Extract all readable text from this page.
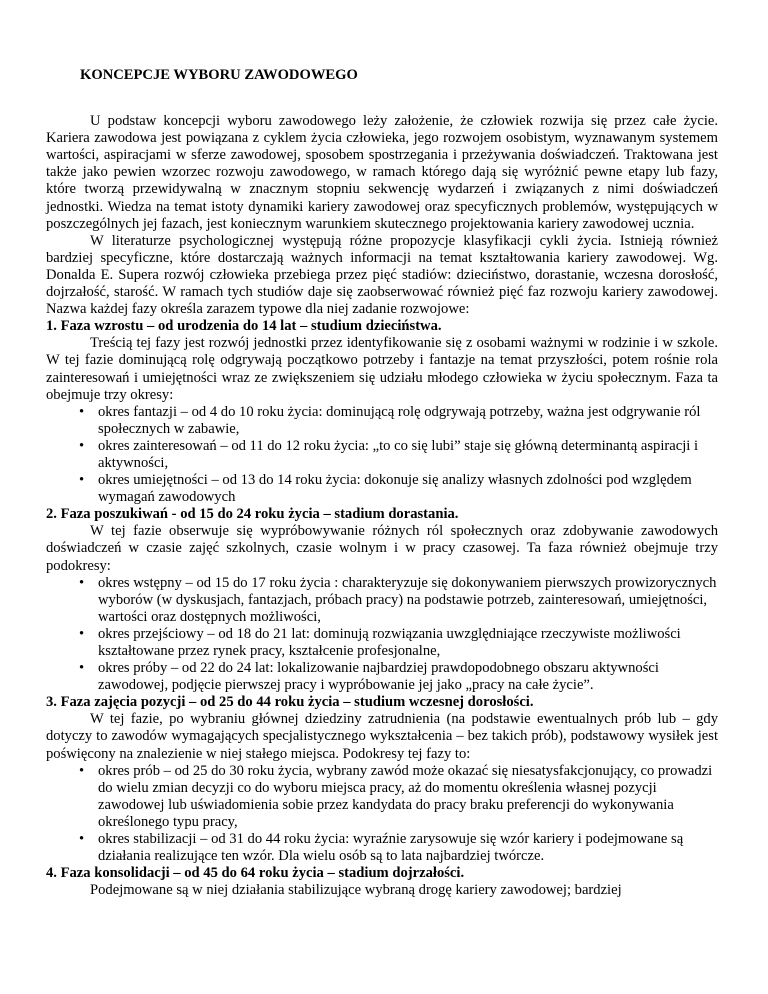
KONCEPCJE WYBORU ZAWODOWEGO

U podstaw koncepcji wyboru zawodowego leży założenie, że człowiek rozwija się przez całe życie. Kariera zawodowa jest powiązana z cyklem życia człowieka, jego rozwojem osobistym, wyznawanym systemem wartości, aspiracjami w sferze zawodowej, sposobem spostrzegania i przeżywania doświadczeń. Traktowana jest także jako pewien wzorzec rozwoju zawodowego, w ramach którego dają się wyróżnić pewne etapy lub fazy, które tworzą przewidywalną w znacznym stopniu sekwencję wydarzeń i związanych z nimi doświadczeń jednostki. Wiedza na temat istoty dynamiki kariery zawodowej oraz specyficznych problemów, występujących w poszczególnych jej fazach, jest koniecznym warunkiem skutecznego projektowania kariery zawodowej ucznia.

W literaturze psychologicznej występują różne propozycje klasyfikacji cykli życia. Istnieją również bardziej specyficzne, które dostarczają ważnych informacji na temat kształtowania kariery zawodowej. Wg. Donalda E. Supera rozwój człowieka przebiega przez pięć stadiów: dzieciństwo, dorastanie, wczesna dorosłość, dojrzałość, starość. W ramach tych studiów daje się zaobserwować również pięć faz rozwoju kariery zawodowej. Nazwa każdej fazy określa zarazem typowe dla niej zadanie rozwojowe:

1. Faza wzrostu – od urodzenia do 14 lat – studium dzieciństwa.

Treścią tej fazy jest rozwój jednostki przez identyfikowanie się z osobami ważnymi w rodzinie i w szkole. W tej fazie dominującą rolę odgrywają początkowo potrzeby i fantazje na temat przyszłości, potem rośnie rola zainteresowań i umiejętności wraz ze zwiększeniem się udziału młodego człowieka w życiu społecznym. Faza ta obejmuje trzy okresy:

• okres fantazji – od 4 do 10 roku życia: dominującą rolę odgrywają potrzeby, ważna jest odgrywanie ról społecznych w zabawie,
• okres zainteresowań – od 11 do 12 roku życia: „to co się lubi” staje się główną determinantą aspiracji i aktywności,
• okres umiejętności – od 13 do 14 roku życia: dokonuje się analizy własnych zdolności pod względem wymagań zawodowych
2. Faza poszukiwań - od 15 do 24 roku życia – stadium dorastania.

W tej fazie obserwuje się wypróbowywanie różnych ról społecznych oraz zdobywanie zawodowych doświadczeń w czasie zajęć szkolnych, czasie wolnym i w pracy czasowej. Ta faza również obejmuje trzy podokresy:

• okres wstępny – od 15 do 17 roku życia : charakteryzuje się dokonywaniem pierwszych prowizorycznych wyborów (w dyskusjach, fantazjach, próbach pracy) na podstawie potrzeb, zainteresowań, umiejętności, wartości oraz dostępnych możliwości,
• okres przejściowy – od 18 do 21 lat: dominują rozwiązania uwzględniające rzeczywiste możliwości kształtowane przez rynek pracy, kształcenie profesjonalne,
• okres próby – od 22 do 24 lat: lokalizowanie najbardziej prawdopodobnego obszaru aktywności zawodowej, podjęcie pierwszej pracy i wypróbowanie jej jako „pracy na całe życie”.
3. Faza zajęcia pozycji – od 25 do 44 roku życia – studium wczesnej dorosłości.

W tej fazie, po wybraniu głównej dziedziny zatrudnienia (na podstawie ewentualnych prób lub – gdy dotyczy to zawodów wymagających specjalistycznego wykształcenia – bez takich prób), podstawowy wysiłek jest poświęcony na znalezienie w niej stałego miejsca. Podokresy tej fazy to:

• okres prób – od 25 do 30 roku życia, wybrany zawód może okazać się niesatysfakcjonujący, co prowadzi do wielu zmian decyzji co do wyboru miejsca pracy, aż do momentu określenia własnej pozycji zawodowej lub uświadomienia sobie przez kandydata do pracy braku preferencji do wykonywania określonego typu pracy,
• okres stabilizacji – od 31 do 44 roku życia: wyraźnie zarysowuje się wzór kariery i podejmowane są działania realizujące ten wzór. Dla wielu osób są to lata najbardziej twórcze.
4. Faza konsolidacji – od 45 do 64 roku życia – stadium dojrzałości.

Podejmowane są w niej działania stabilizujące wybraną drogę kariery zawodowej; bardziej
